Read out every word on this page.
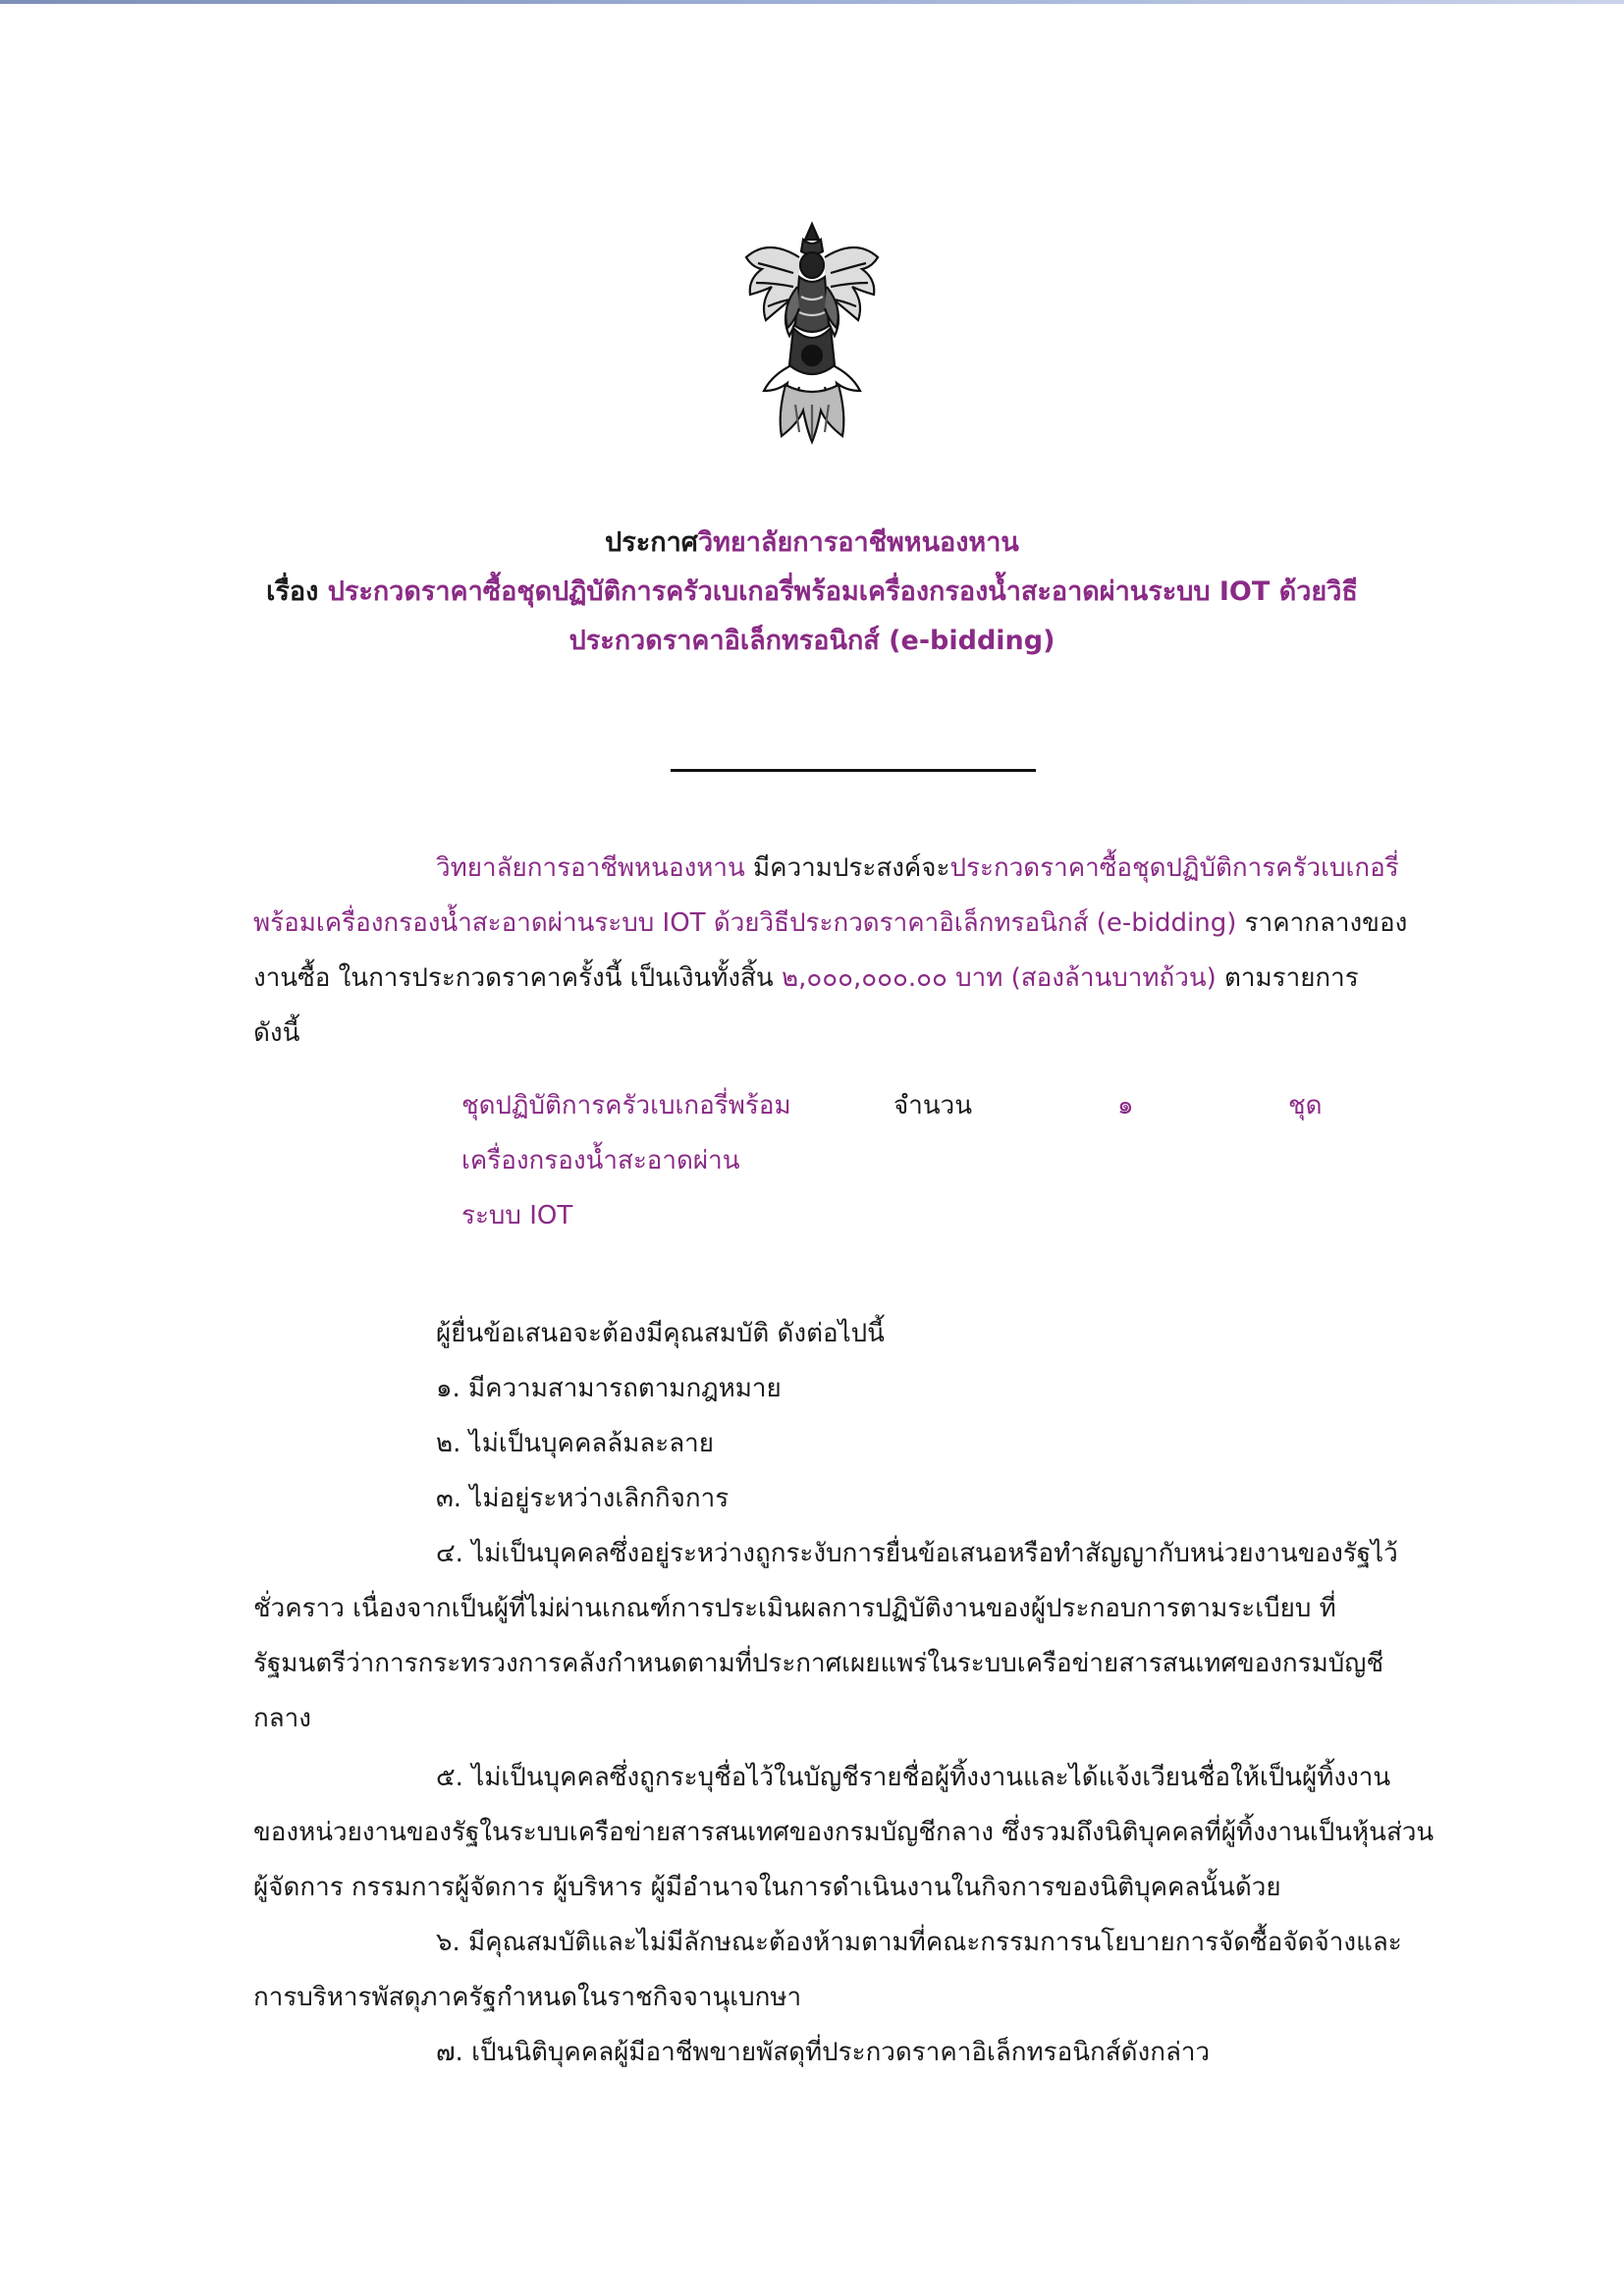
ประกาศวิทยาลัยการอาชีพหนองหาน
เรื่อง ประกวดราคาซื้อชุดปฏิบัติการครัวเบเกอรี่พร้อมเครื่องกรองน้ำสะอาดผ่านระบบ IOT ด้วยวิธี
ประกวดราคาอิเล็กทรอนิกส์ (e-bidding)
วิทยาลัยการอาชีพหนองหาน มีความประสงค์จะประกวดราคาซื้อชุดปฏิบัติการครัวเบเกอรี่
พร้อมเครื่องกรองน้ำสะอาดผ่านระบบ IOT ด้วยวิธีประกวดราคาอิเล็กทรอนิกส์ (e-bidding) ราคากลางของ
งานซื้อ ในการประกวดราคาครั้งนี้ เป็นเงินทั้งสิ้น ๒,๐๐๐,๐๐๐.๐๐ บาท (สองล้านบาทถ้วน) ตามรายการ
ดังนี้
ชุดปฏิบัติการครัวเบเกอรี่พร้อม
เครื่องกรองน้ำสะอาดผ่าน
ระบบ IOT
จำนวน	๑	ชุด
ผู้ยื่นข้อเสนอจะต้องมีคุณสมบัติ ดังต่อไปนี้
๑. มีความสามารถตามกฎหมาย
๒. ไม่เป็นบุคคลล้มละลาย
๓. ไม่อยู่ระหว่างเลิกกิจการ
๔. ไม่เป็นบุคคลซึ่งอยู่ระหว่างถูกระงับการยื่นข้อเสนอหรือทำสัญญากับหน่วยงานของรัฐไว้
ชั่วคราว เนื่องจากเป็นผู้ที่ไม่ผ่านเกณฑ์การประเมินผลการปฏิบัติงานของผู้ประกอบการตามระเบียบ ที่
รัฐมนตรีว่าการกระทรวงการคลังกำหนดตามที่ประกาศเผยแพร่ในระบบเครือข่ายสารสนเทศของกรมบัญชี
กลาง
๕. ไม่เป็นบุคคลซึ่งถูกระบุชื่อไว้ในบัญชีรายชื่อผู้ทิ้งงานและได้แจ้งเวียนชื่อให้เป็นผู้ทิ้งงาน
ของหน่วยงานของรัฐในระบบเครือข่ายสารสนเทศของกรมบัญชีกลาง ซึ่งรวมถึงนิติบุคคลที่ผู้ทิ้งงานเป็นหุ้นส่วน
ผู้จัดการ กรรมการผู้จัดการ ผู้บริหาร ผู้มีอำนาจในการดำเนินงานในกิจการของนิติบุคคลนั้นด้วย
๖. มีคุณสมบัติและไม่มีลักษณะต้องห้ามตามที่คณะกรรมการนโยบายการจัดซื้อจัดจ้างและ
การบริหารพัสดุภาครัฐกำหนดในราชกิจจานุเบกษา
๗. เป็นนิติบุคคลผู้มีอาชีพขายพัสดุที่ประกวดราคาอิเล็กทรอนิกส์ดังกล่าว
